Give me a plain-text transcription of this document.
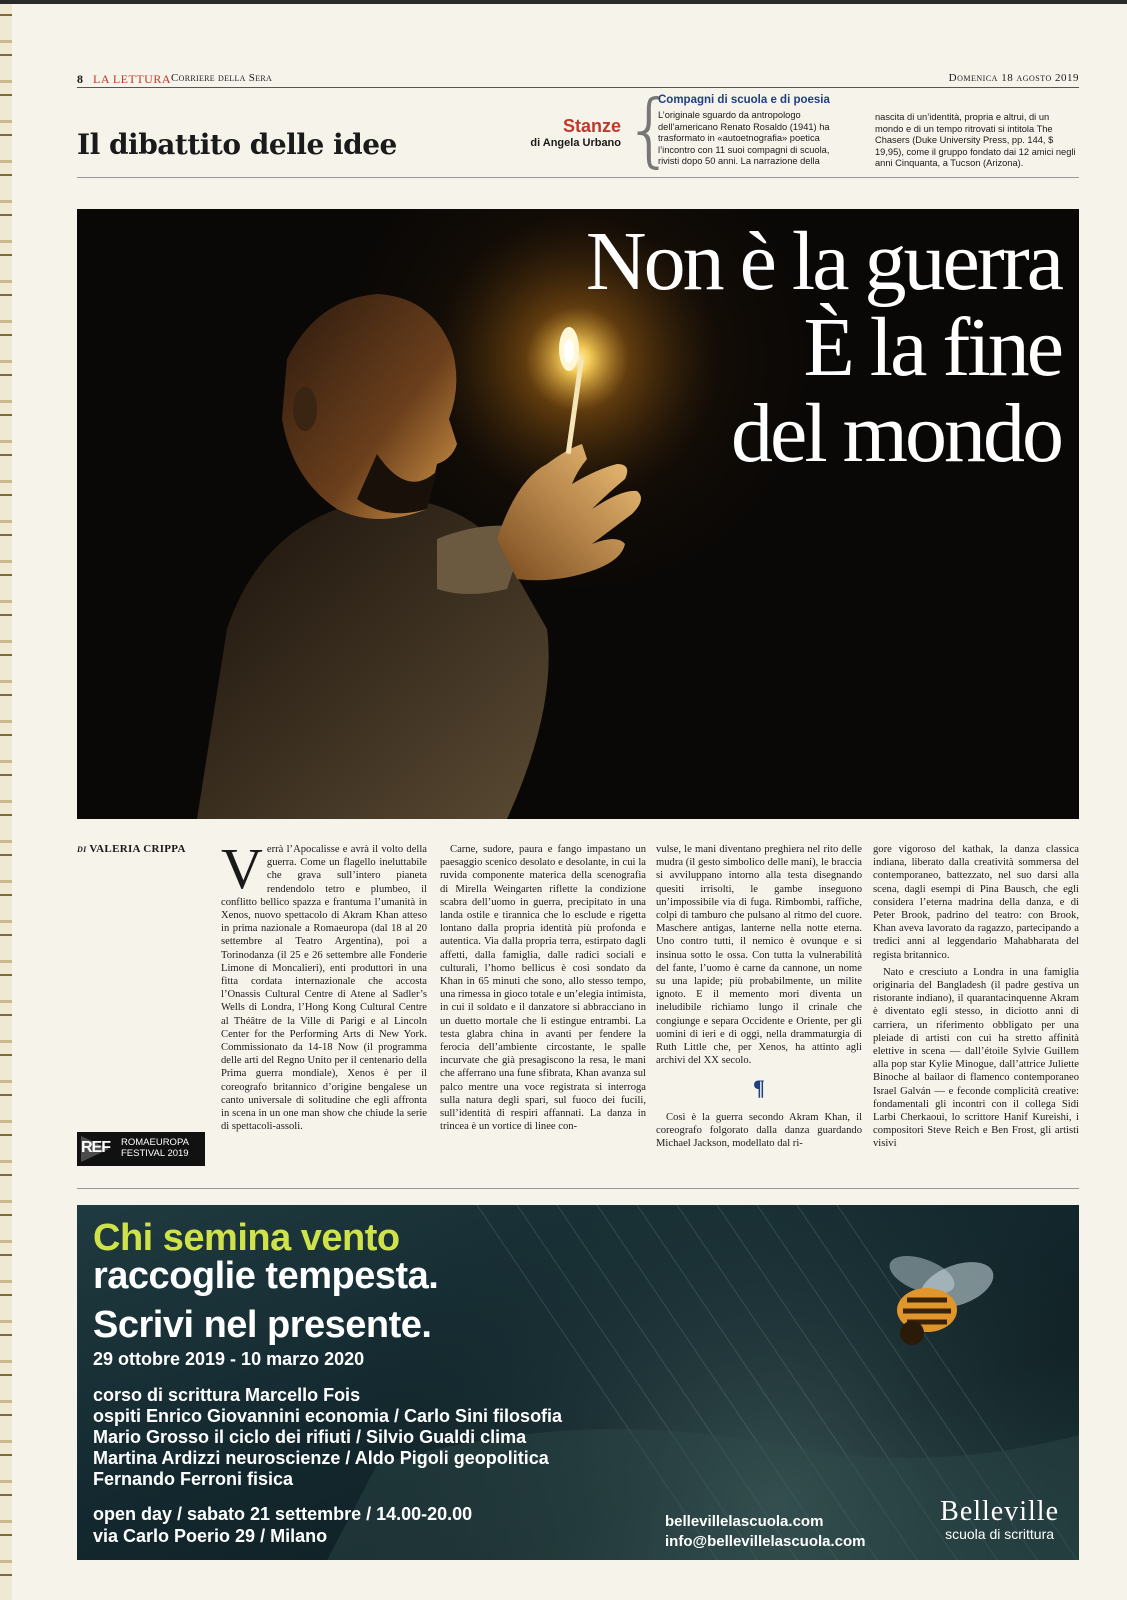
8 LA LETTURA Corriere della Sera	Domenica 18 agosto 2019
Il dibattito delle idee
Stanze
di Angela Urbano {
Compagni di scuola e di poesia
L’originale sguardo da antropologo dell’americano Renato Rosaldo (1941) ha trasformato in «autoetnografia» poetica l’incontro con 11 suoi compagni di scuola, rivisti dopo 50 anni. La narrazione della
nascita di un’identità, propria e altrui, di un mondo e di un tempo ritrovati si intitola The Chasers (Duke University Press, pp. 144, $ 19,95), come il gruppo fondato dai 12 amici negli anni Cinquanta, a Tucson (Arizona).
Non è la guerra
È la fine
del mondo
di VALERIA CRIPPA V errà l’Apocalisse e avrà il volto della guerra. Come un flagello ineluttabile che grava sull’intero pianeta rendendolo tetro e plumbeo, il conflitto bellico spazza e frantuma l’umanità in Xenos, nuovo spettacolo di Akram Khan atteso in prima nazionale a Romaeuropa (dal 18 al 20 settembre al Teatro Argentina), poi a Torinodanza (il 25 e 26 settembre alle Fonderie Limone di Moncalieri), enti produttori in una fitta cordata internazionale che accosta l’Onassis Cultural Centre di Atene al Sadler’s Wells di Londra, l’Hong Kong Cultural Centre al Théâtre de la Ville di Parigi e al Lincoln Center for the Performing Arts di New York. Commissionato da 14-18 Now (il programma delle arti del Regno Unito per il centenario della Prima guerra mondiale), Xenos è per il coreografo britannico d’origine bengalese un canto universale di solitudine che egli affronta in scena in un one man show che chiude la serie di spettacoli-assoli.
Carne, sudore, paura e fango impastano un paesaggio scenico desolato e desolante, in cui la ruvida componente materica della scenografia di Mirella Weingarten riflette la condizione scabra dell’uomo in guerra, precipitato in una landa ostile e tirannica che lo esclude e rigetta lontano dalla propria identità più profonda e autentica. Via dalla propria terra, estirpato dagli affetti, dalla famiglia, dalle radici sociali e culturali, l’homo bellicus è così sondato da Khan in 65 minuti che sono, allo stesso tempo, una rimessa in gioco totale e un’elegia intimista, in cui il soldato e il danzatore si abbracciano in un duetto mortale che li estingue entrambi. La testa glabra china in avanti per fendere la ferocia dell’ambiente circostante, le spalle incurvate che già presagiscono la resa, le mani che afferrano una fune sfibrata, Khan avanza sul palco mentre una voce registrata si interroga sulla natura degli spari, sul fuoco dei fucili, sull’identità di respiri affannati. La danza in trincea è un vortice di linee con-
vulse, le mani diventano preghiera nel rito delle mudra (il gesto simbolico delle mani), le braccia si avviluppano intorno alla testa disegnando quesiti irrisolti, le gambe inseguono un’impossibile via di fuga. Rimbombi, raffiche, colpi di tamburo che pulsano al ritmo del cuore. Maschere antigas, lanterne nella notte eterna. Uno contro tutti, il nemico è ovunque e si insinua sotto le ossa. Con tutta la vulnerabilità del fante, l’uomo è carne da cannone, un nome su una lapide; più probabilmente, un milite ignoto. E il memento mori diventa un ineludibile richiamo lungo il crinale che congiunge e separa Occidente e Oriente, per gli uomini di ieri e di oggi, nella drammaturgia di Ruth Little che, per Xenos, ha attinto agli archivi del XX secolo.
¶
Così è la guerra secondo Akram Khan, il coreografo folgorato dalla danza guardando Michael Jackson, modellato dal ri-
gore vigoroso del kathak, la danza classica indiana, liberato dalla creatività sommersa del contemporaneo, battezzato, nel suo darsi alla scena, dagli esempi di Pina Bausch, che egli considera l’eterna madrina della danza, e di Peter Brook, padrino del teatro: con Brook, Khan aveva lavorato da ragazzo, partecipando a tredici anni al leggendario Mahabharata del regista britannico.
Nato e cresciuto a Londra in una famiglia originaria del Bangladesh (il padre gestiva un ristorante indiano), il quarantacinquenne Akram è diventato egli stesso, in diciotto anni di carriera, un riferimento obbligato per una pleiade di artisti con cui ha stretto affinità elettive in scena — dall’étoile Sylvie Guillem alla pop star Kylie Minogue, dall’attrice Juliette Binoche al bailaor di flamenco contemporaneo Israel Galván — e feconde complicità creative: fondamentali gli incontri con il collega Sidi Larbi Cherkaoui, lo scrittore Hanif Kureishi, i compositori Steve Reich e Ben Frost, gli artisti visivi
REF ROMAEUROPA
FESTIVAL 2019
Chi semina vento
raccoglie tempesta.
Scrivi nel presente.
29 ottobre 2019 - 10 marzo 2020
corso di scrittura Marcello Fois
ospiti Enrico Giovannini economia / Carlo Sini filosofia
Mario Grosso il ciclo dei rifiuti / Silvio Gualdi clima
Martina Ardizzi neuroscienze / Aldo Pigoli geopolitica
Fernando Ferroni fisica
open day / sabato 21 settembre / 14.00-20.00
via Carlo Poerio 29 / Milano
bellevillelascuola.com
info@bellevillelascuola.com
Belleville
scuola di scrittura
